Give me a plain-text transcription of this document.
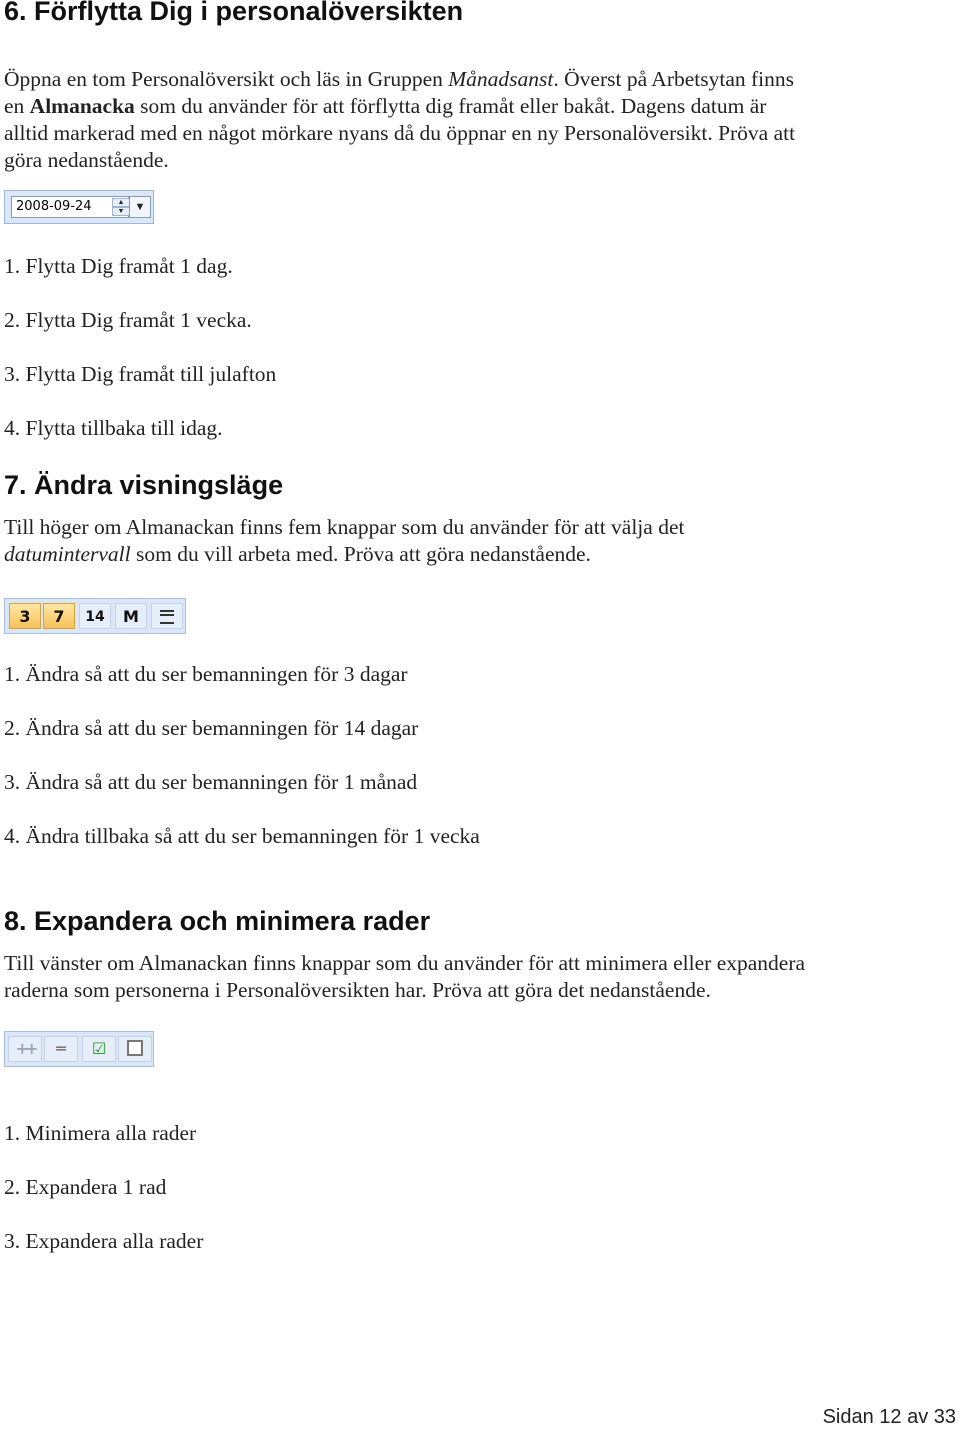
6. Förflytta Dig i personalöversikten
Öppna en tom Personalöversikt och läs in Gruppen Månadsanst. Överst på Arbetsytan finns
en Almanacka som du använder för att förflytta dig framåt eller bakåt. Dagens datum är
alltid markerad med en något mörkare nyans då du öppnar en ny Personalöversikt. Pröva att
göra nedanstående.
2008-09-24	▲
▼ ▼
1. Flytta Dig framåt 1 dag.
2. Flytta Dig framåt 1 vecka.
3. Flytta Dig framåt till julafton
4. Flytta tillbaka till idag.
7. Ändra visningsläge
Till höger om Almanackan finns fem knappar som du använder för att välja det
datumintervall som du vill arbeta med. Pröva att göra nedanstående.
3	7	14	M
1. Ändra så att du ser bemanningen för 3 dagar
2. Ändra så att du ser bemanningen för 14 dagar
3. Ändra så att du ser bemanningen för 1 månad
4. Ändra tillbaka så att du ser bemanningen för 1 vecka
8. Expandera och minimera rader
Till vänster om Almanackan finns knappar som du använder för att minimera eller expandera
raderna som personerna i Personalöversikten har. Pröva att göra det nedanstående.
++	═	☑
1. Minimera alla rader
2. Expandera 1 rad
3. Expandera alla rader
Sidan 12 av 33
